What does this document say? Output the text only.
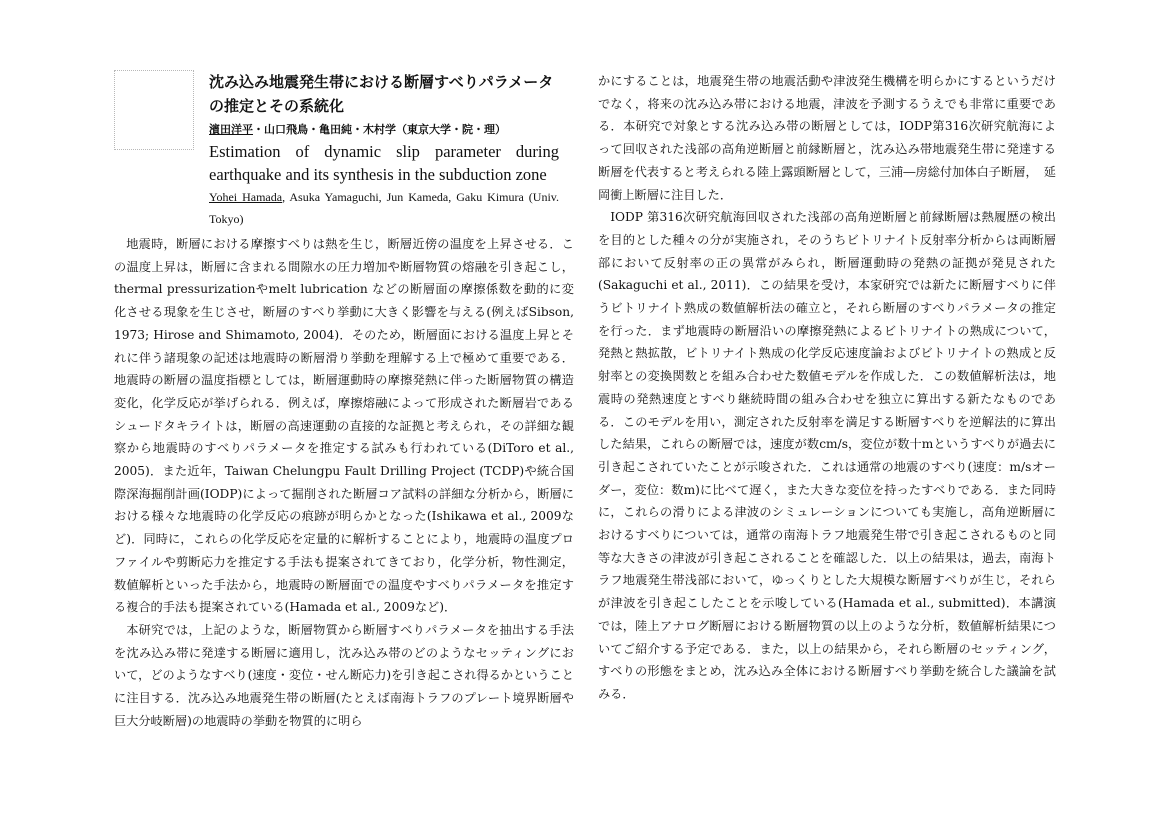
沈み込み地震発生帯における断層すべりパラメータの推定とその系統化

濱田洋平・山口飛鳥・亀田純・木村学（東京大学・院・理）

Estimation of dynamic slip parameter during earthquake and its synthesis in the subduction zone

Yohei Hamada, Asuka Yamaguchi, Jun Kameda, Gaku Kimura (Univ. Tokyo)

地震時，断層における摩擦すべりは熱を生じ，断層近傍の温度を上昇させる．この温度上昇は，断層に含まれる間隙水の圧力増加や断層物質の熔融を引き起こし，thermal pressurizationやmelt lubrication などの断層面の摩擦係数を動的に変化させる現象を生じさせ，断層のすべり挙動に大きく影響を与える(例えばSibson, 1973; Hirose and Shimamoto, 2004)．そのため，断層面における温度上昇とそれに伴う諸現象の記述は地震時の断層滑り挙動を理解する上で極めて重要である．地震時の断層の温度指標としては，断層運動時の摩擦発熱に伴った断層物質の構造変化，化学反応が挙げられる．例えば，摩擦熔融によって形成された断層岩であるシュードタキライトは，断層の高速運動の直接的な証拠と考えられ，その詳細な観察から地震時のすべりパラメータを推定する試みも行われている(DiToro et al., 2005)．また近年，Taiwan Chelungpu Fault Drilling Project (TCDP)や統合国際深海掘削計画(IODP)によって掘削された断層コア試料の詳細な分析から，断層における様々な地震時の化学反応の痕跡が明らかとなった(Ishikawa et al., 2009など)．同時に，これらの化学反応を定量的に解析することにより，地震時の温度プロファイルや剪断応力を推定する手法も提案されてきており，化学分析，物性測定，数値解析といった手法から，地震時の断層面での温度やすべりパラメータを推定する複合的手法も提案されている(Hamada et al., 2009など)．

本研究では，上記のような，断層物質から断層すべりパラメータを抽出する手法を沈み込み帯に発達する断層に適用し，沈み込み帯のどのようなセッティングにおいて，どのようなすべり(速度・変位・せん断応力)を引き起こされ得るかということに注目する．沈み込み地震発生帯の断層(たとえば南海トラフのプレート境界断層や巨大分岐断層)の地震時の挙動を物質的に明ら

かにすることは，地震発生帯の地震活動や津波発生機構を明らかにするというだけでなく，将来の沈み込み帯における地震，津波を予測するうえでも非常に重要である．本研究で対象とする沈み込み帯の断層としては，IODP第316次研究航海によって回収された浅部の高角逆断層と前縁断層と，沈み込み帯地震発生帯に発達する断層を代表すると考えられる陸上露頭断層として，三浦―房総付加体白子断層，　延岡衝上断層に注目した．

IODP 第316次研究航海回収された浅部の高角逆断層と前縁断層は熱履歴の検出を目的とした種々の分が実施され，そのうちビトリナイト反射率分析からは両断層部において反射率の正の異常がみられ，断層運動時の発熱の証拠が発見された(Sakaguchi et al., 2011)．この結果を受け，本家研究では新たに断層すべりに伴うビトリナイト熟成の数値解析法の確立と，それら断層のすべりパラメータの推定を行った．まず地震時の断層沿いの摩擦発熱によるビトリナイトの熟成について，発熱と熱拡散，ビトリナイト熟成の化学反応速度論およびビトリナイトの熟成と反射率との変換関数とを組み合わせた数値モデルを作成した．この数値解析法は，地震時の発熱速度とすべり継続時間の組み合わせを独立に算出する新たなものである．このモデルを用い，測定された反射率を満足する断層すべりを逆解法的に算出した結果，これらの断層では，速度が数cm/s，変位が数十mというすべりが過去に引き起こされていたことが示唆された．これは通常の地震のすべり(速度：m/sオーダー，変位：数m)に比べて遅く，また大きな変位を持ったすべりである．また同時に，これらの滑りによる津波のシミュレーションについても実施し，高角逆断層におけるすべりについては，通常の南海トラフ地震発生帯で引き起こされるものと同等な大きさの津波が引き起こされることを確認した．以上の結果は，過去，南海トラフ地震発生帯浅部において，ゆっくりとした大規模な断層すべりが生じ，それらが津波を引き起こしたことを示唆している(Hamada et al., submitted)．本講演では，陸上アナログ断層における断層物質の以上のような分析，数値解析結果についてご紹介する予定である．また，以上の結果から，それら断層のセッティング，すべりの形態をまとめ，沈み込み全体における断層すべり挙動を統合した議論を試みる．
